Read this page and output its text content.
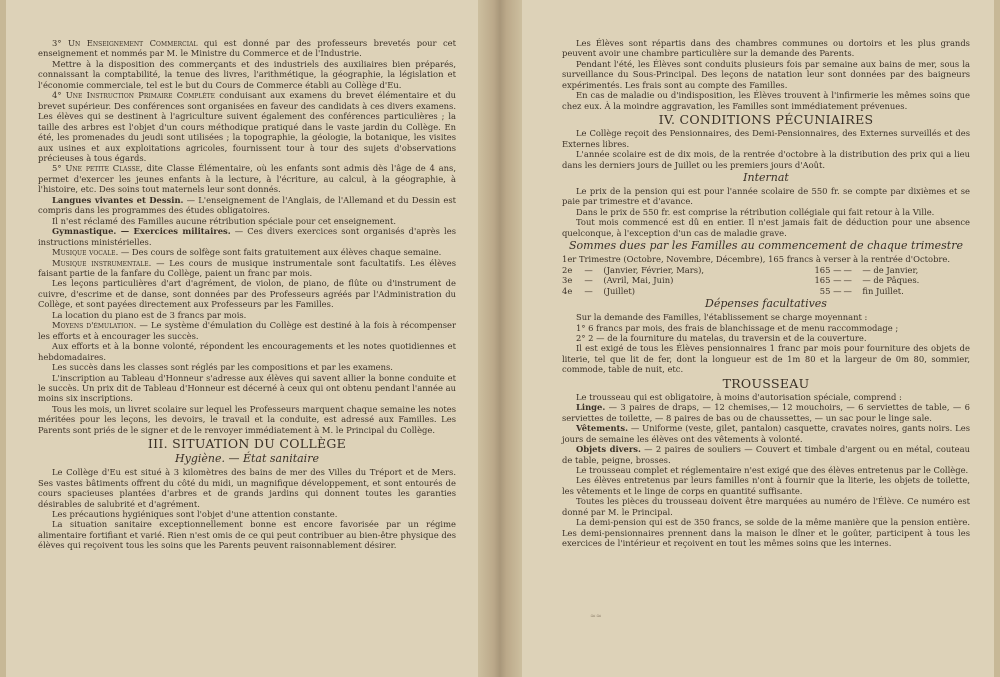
3° Un Enseignement Commercial qui est donné par des professeurs brevetés pour cet enseignement et nommés par M. le Ministre du Commerce et de l'Industrie.

Mettre à la disposition des commerçants et des industriels des auxiliaires bien préparés, connaissant la comptabilité, la tenue des livres, l'arithmétique, la géographie, la législation et l'économie commerciale, tel est le but du Cours de Commerce établi au Collège d'Eu.

4° Une Instruction Primaire Complète conduisant aux examens du brevet élémentaire et du brevet supérieur. Des conférences sont organisées en faveur des candidats à ces divers examens. Les élèves qui se destinent à l'agriculture suivent également des conférences particulières ; la taille des arbres est l'objet d'un cours méthodique pratiqué dans le vaste jardin du Collège. En été, les promenades du jeudi sont utilisées ; la topographie, la géologie, la botanique, les visites aux usines et aux exploitations agricoles, fournissent tour à tour des sujets d'observations précieuses à tous égards.

5° Une petite Classe, dite Classe Élémentaire, où les enfants sont admis dès l'âge de 4 ans, permet d'exercer les jeunes enfants à la lecture, à l'écriture, au calcul, à la géographie, à l'histoire, etc. Des soins tout maternels leur sont donnés.

Langues vivantes et Dessin. — L'enseignement de l'Anglais, de l'Allemand et du Dessin est compris dans les programmes des études obligatoires.

Il n'est réclamé des Familles aucune rétribution spéciale pour cet enseignement.

Gymnastique. — Exercices militaires. — Ces divers exercices sont organisés d'après les instructions ministérielles.

Musique vocale. — Des cours de solfège sont faits gratuitement aux élèves chaque semaine.

Musique instrumentale. — Les cours de musique instrumentale sont facultatifs. Les élèves faisant partie de la fanfare du Collège, paient un franc par mois.

Les leçons particulières d'art d'agrément, de violon, de piano, de flûte ou d'instrument de cuivre, d'escrime et de danse, sont données par des Professeurs agréés par l'Administration du Collège, et sont payées directement aux Professeurs par les Familles.

La location du piano est de 3 francs par mois.

Moyens d'émulation. — Le système d'émulation du Collège est destiné à la fois à récompenser les efforts et à encourager les succès.

Aux efforts et à la bonne volonté, répondent les encouragements et les notes quotidiennes et hebdomadaires.

Les succès dans les classes sont réglés par les compositions et par les examens.

L'inscription au Tableau d'Honneur s'adresse aux élèves qui savent allier la bonne conduite et le succès. Un prix dit de Tableau d'Honneur est décerné à ceux qui ont obtenu pendant l'année au moins six inscriptions.

Tous les mois, un livret scolaire sur lequel les Professeurs marquent chaque semaine les notes méritées pour les leçons, les devoirs, le travail et la conduite, est adressé aux Familles. Les Parents sont priés de le signer et de le renvoyer immédiatement à M. le Principal du Collège.

III. SITUATION DU COLLÈGE
Hygiène. — État sanitaire

Le Collège d'Eu est situé à 3 kilomètres des bains de mer des Villes du Tréport et de Mers. Ses vastes bâtiments offrent du côté du midi, un magnifique développement, et sont entourés de cours spacieuses plantées d'arbres et de grands jardins qui donnent toutes les garanties désirables de salubrité et d'agrément.

Les précautions hygiéniques sont l'objet d'une attention constante.

La situation sanitaire exceptionnellement bonne est encore favorisée par un régime alimentaire fortifiant et varié. Rien n'est omis de ce qui peut contribuer au bien-être physique des élèves qui reçoivent tous les soins que les Parents peuvent raisonnablement désirer.

Les Élèves sont répartis dans des chambres communes ou dortoirs et les plus grands peuvent avoir une chambre particulière sur la demande des Parents.

Pendant l'été, les Élèves sont conduits plusieurs fois par semaine aux bains de mer, sous la surveillance du Sous-Principal. Des leçons de natation leur sont données par des baigneurs expérimentés. Les frais sont au compte des Familles.

En cas de maladie ou d'indisposition, les Élèves trouvent à l'infirmerie les mêmes soins que chez eux. À la moindre aggravation, les Familles sont immédiatement prévenues.

IV. CONDITIONS PÉCUNIAIRES

Le Collège reçoit des Pensionnaires, des Demi-Pensionnaires, des Externes surveillés et des Externes libres.

L'année scolaire est de dix mois, de la rentrée d'octobre à la distribution des prix qui a lieu dans les derniers jours de Juillet ou les premiers jours d'Août.

Internat

Le prix de la pension qui est pour l'année scolaire de 550 fr. se compte par dixièmes et se paie par trimestre et d'avance.

Dans le prix de 550 fr. est comprise la rétribution collégiale qui fait retour à la Ville.

Tout mois commencé est dû en entier. Il n'est jamais fait de déduction pour une absence quelconque, à l'exception d'un cas de maladie grave.

Sommes dues par les Familles au commencement de chaque trimestre
1er Trimestre (Octobre, Novembre, Décembre), 165 francs à verser à la rentrée d'Octobre.					
2e	—	(Janvier, Février, Mars),	165 —	—	— de Janvier,
3e	—	(Avril, Mai, Juin)	165 —	—	— de Pâques.
4e	—	(Juillet)	55 —	—	fin Juillet.
Dépenses facultatives

Sur la demande des Familles, l'établissement se charge moyennant :

1° 6 francs par mois, des frais de blanchissage et de menu raccommodage ;

2° 2 — de la fourniture du matelas, du traversin et de la couverture.

Il est exigé de tous les Élèves pensionnaires 1 franc par mois pour fourniture des objets de literie, tel que lit de fer, dont la longueur est de 1m 80 et la largeur de 0m 80, sommier, commode, table de nuit, etc.

TROUSSEAU

Le trousseau qui est obligatoire, à moins d'autorisation spéciale, comprend :

Linge. — 3 paires de draps, — 12 chemises,— 12 mouchoirs, — 6 serviettes de table, — 6 serviettes de toilette, — 8 paires de bas ou de chaussettes, — un sac pour le linge sale.

Vêtements. — Uniforme (veste, gilet, pantalon) casquette, cravates noires, gants noirs. Les jours de semaine les élèves ont des vêtements à volonté.

Objets divers. — 2 paires de souliers — Couvert et timbale d'argent ou en métal, couteau de table, peigne, brosses.

Le trousseau complet et réglementaire n'est exigé que des élèves entretenus par le Collège.

Les élèves entretenus par leurs familles n'ont à fournir que la literie, les objets de toilette, les vêtements et le linge de corps en quantité suffisante.

Toutes les pièces du trousseau doivent être marquées au numéro de l'Élève. Ce numéro est donné par M. le Principal.

La demi-pension qui est de 350 francs, se solde de la même manière que la pension entière. Les demi-pensionnaires prennent dans la maison le dîner et le goûter, participent à tous les exercices de l'intérieur et reçoivent en tout les mêmes soins que les internes.

≈≈
